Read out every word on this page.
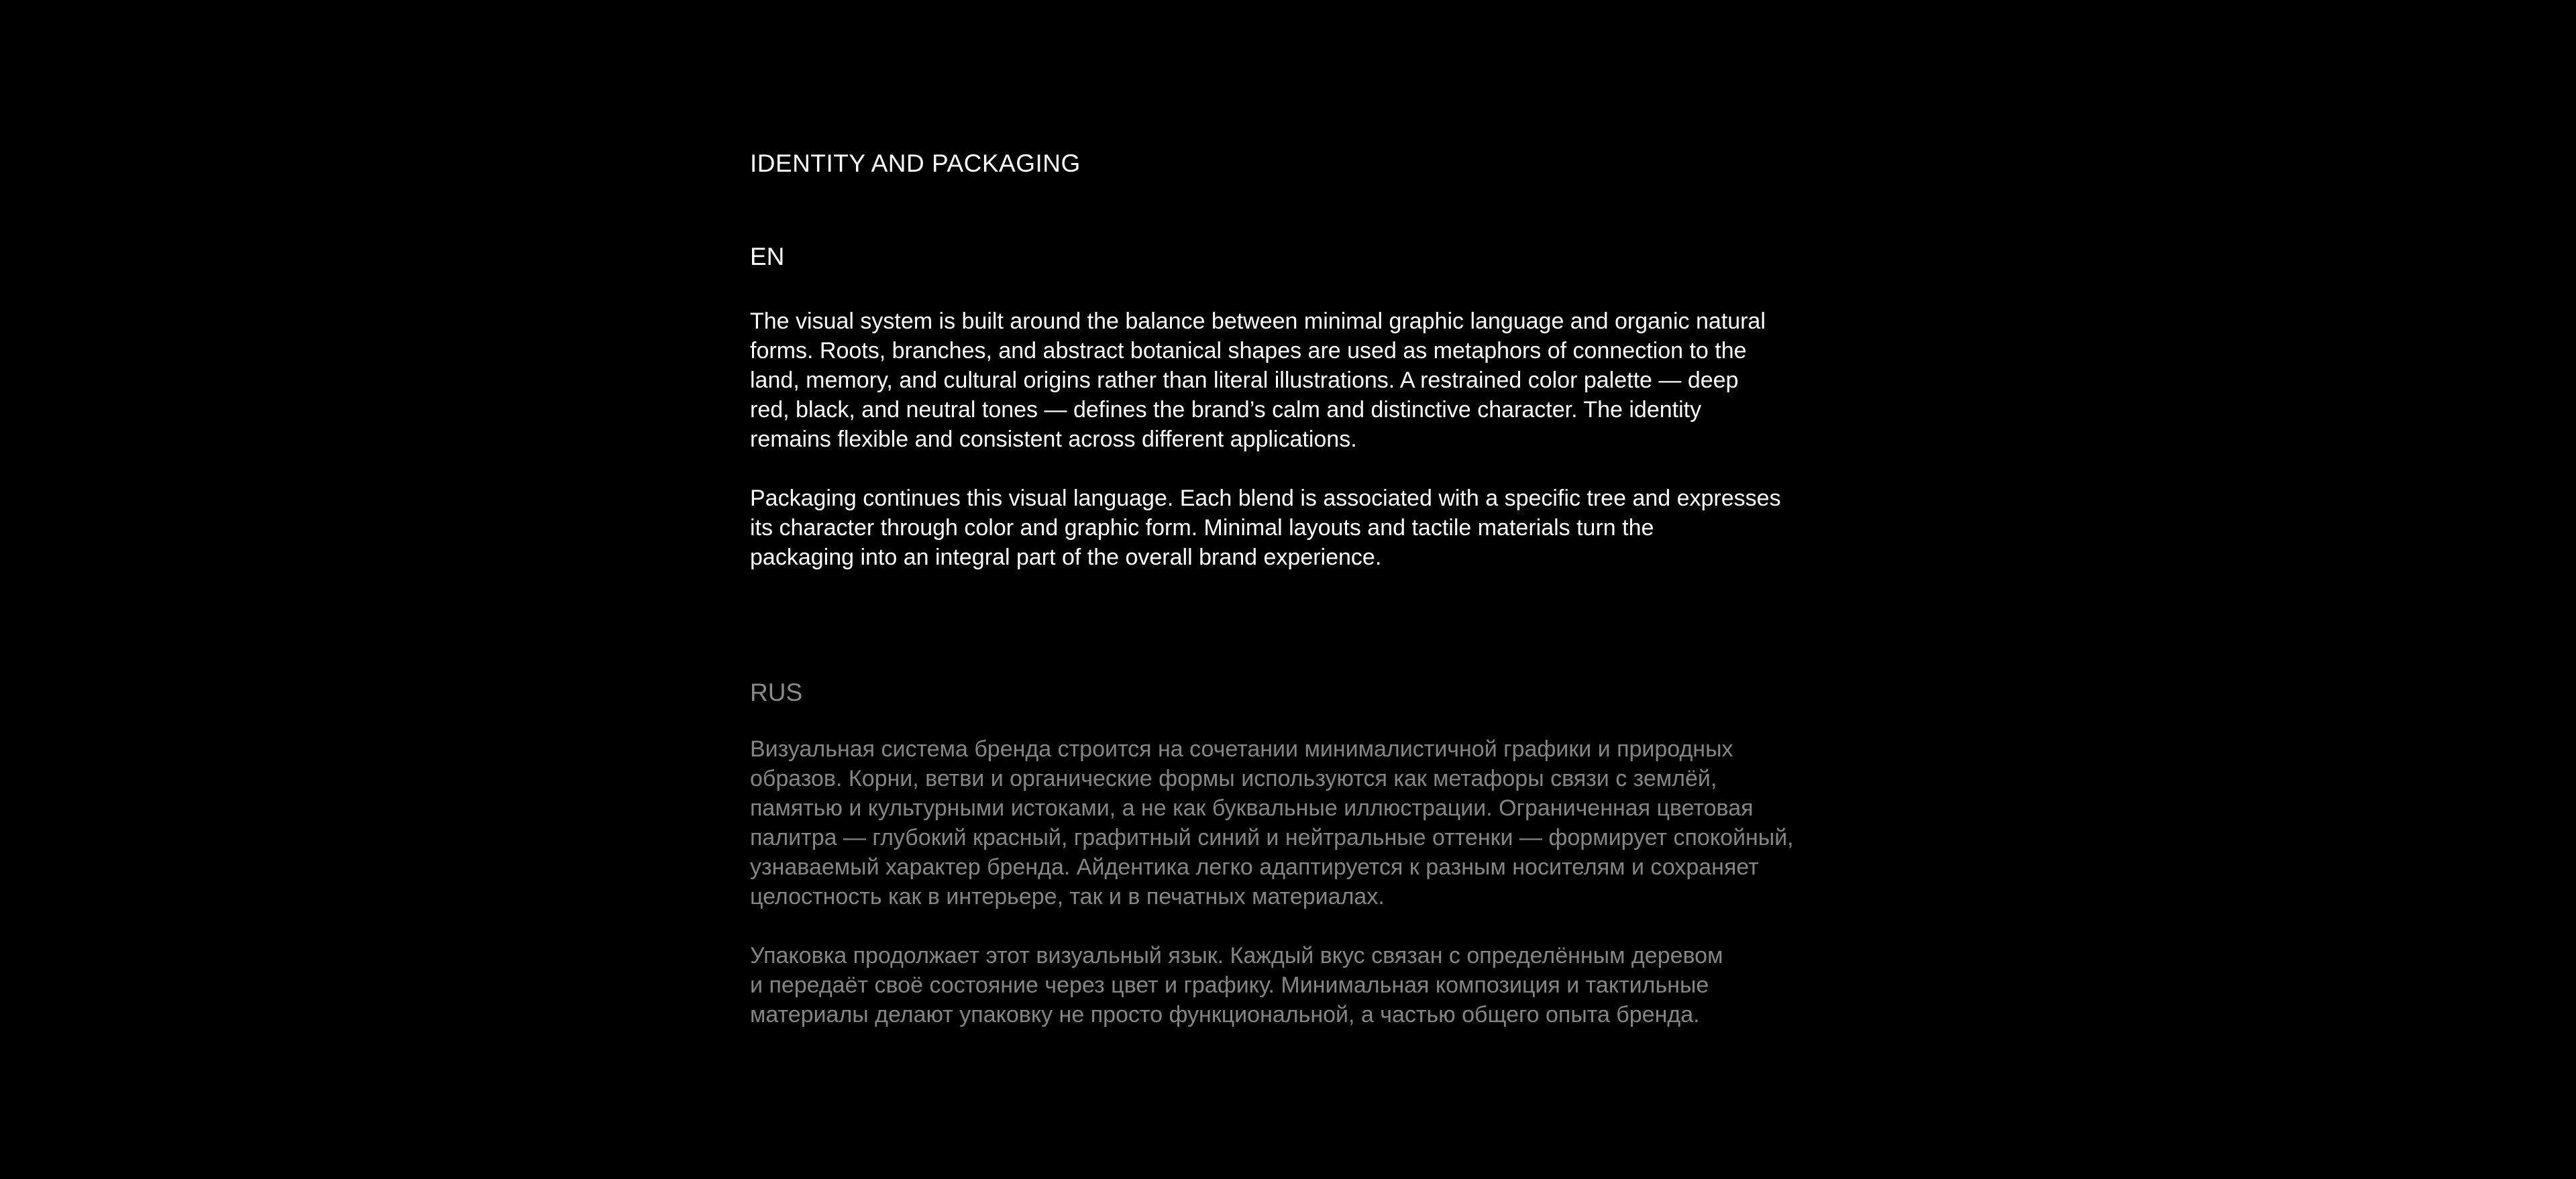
IDENTITY AND PACKAGING
EN

The visual system is built around the balance between minimal graphic language and organic natural
forms. Roots, branches, and abstract botanical shapes are used as metaphors of connection to the
land, memory, and cultural origins rather than literal illustrations. A restrained color palette — deep
red, black, and neutral tones — defines the brand’s calm and distinctive character. The identity
remains flexible and consistent across different applications.

Packaging continues this visual language. Each blend is associated with a specific tree and expresses
its character through color and graphic form. Minimal layouts and tactile materials turn the
packaging into an integral part of the overall brand experience.

RUS

Визуальная система бренда строится на сочетании минималистичной графики и природных
образов. Корни, ветви и органические формы используются как метафоры связи с землёй,
памятью и культурными истоками, а не как буквальные иллюстрации. Ограниченная цветовая
палитра — глубокий красный, графитный синий и нейтральные оттенки — формирует спокойный,
узнаваемый характер бренда. Айдентика легко адаптируется к разным носителям и сохраняет
целостность как в интерьере, так и в печатных материалах.

Упаковка продолжает этот визуальный язык. Каждый вкус связан с определённым деревом
и передаёт своё состояние через цвет и графику. Минимальная композиция и тактильные
материалы делают упаковку не просто функциональной, а частью общего опыта бренда.
